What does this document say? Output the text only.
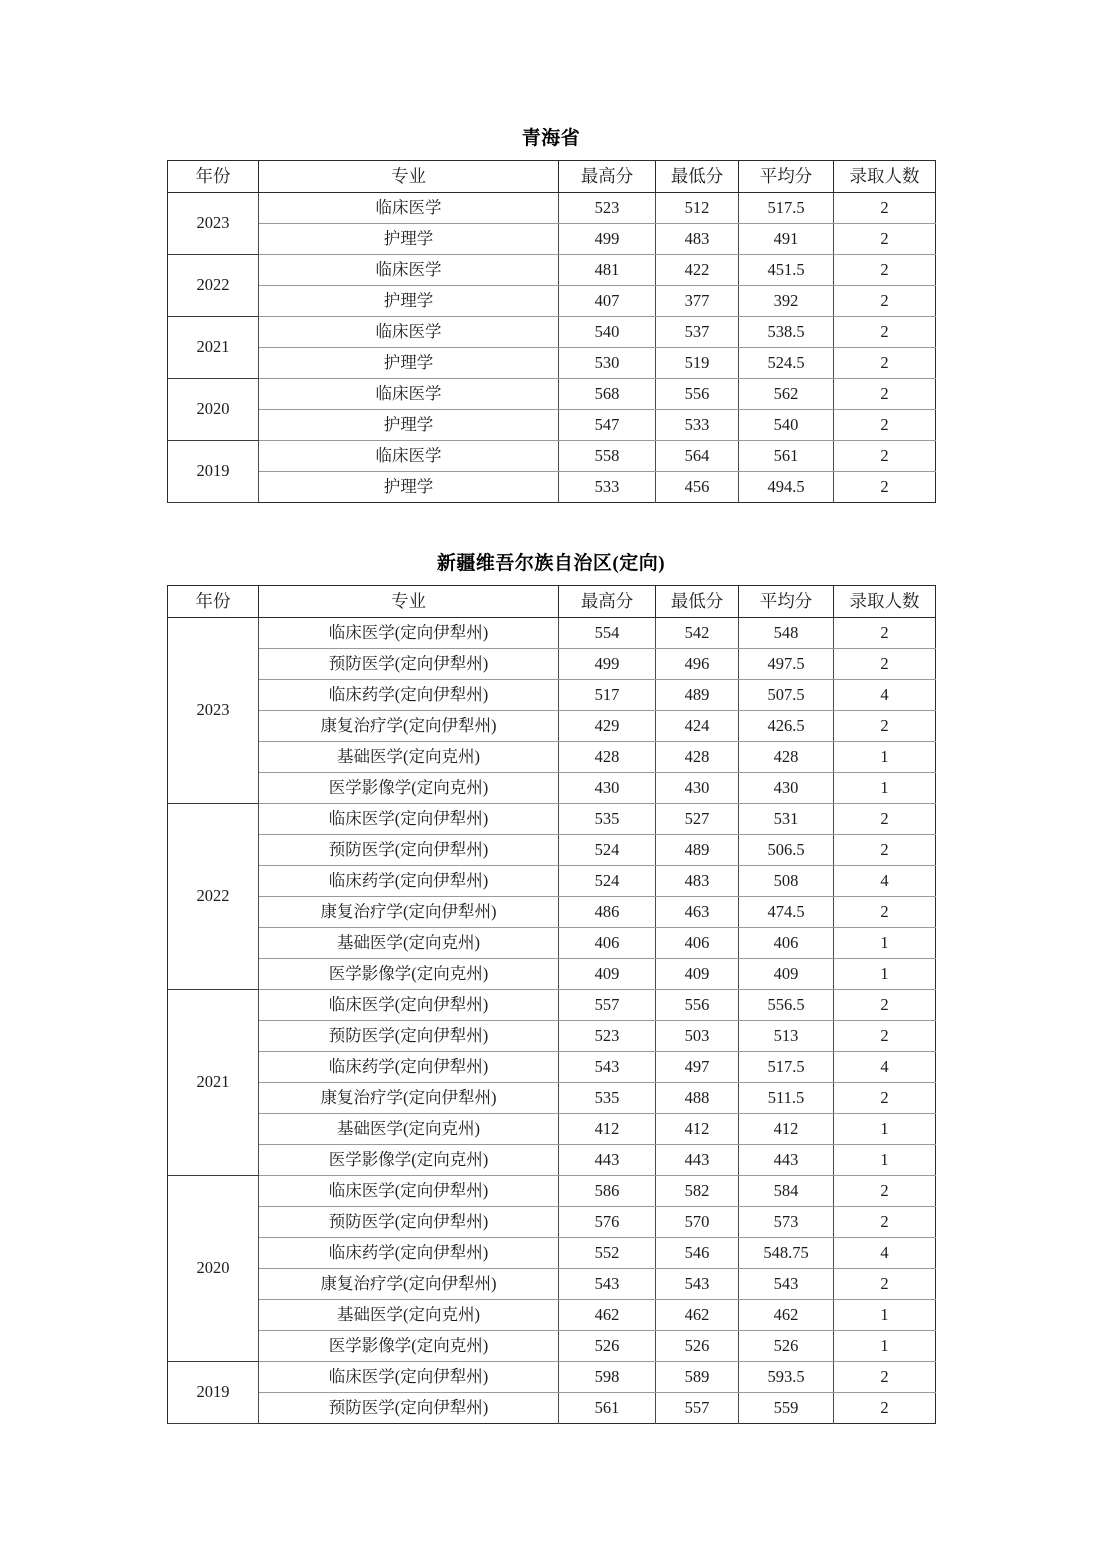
青海省
年份	专业	最高分	最低分	平均分	录取人数
2023	临床医学	523	512	517.5	2
	护理学	499	483	491	2
2022	临床医学	481	422	451.5	2
	护理学	407	377	392	2
2021	临床医学	540	537	538.5	2
	护理学	530	519	524.5	2
2020	临床医学	568	556	562	2
	护理学	547	533	540	2
2019	临床医学	558	564	561	2
	护理学	533	456	494.5	2
新疆维吾尔族自治区(定向)
年份	专业	最高分	最低分	平均分	录取人数
2023	临床医学(定向伊犁州)	554	542	548	2
	预防医学(定向伊犁州)	499	496	497.5	2
	临床药学(定向伊犁州)	517	489	507.5	4
	康复治疗学(定向伊犁州)	429	424	426.5	2
	基础医学(定向克州)	428	428	428	1
	医学影像学(定向克州)	430	430	430	1
2022	临床医学(定向伊犁州)	535	527	531	2
	预防医学(定向伊犁州)	524	489	506.5	2
	临床药学(定向伊犁州)	524	483	508	4
	康复治疗学(定向伊犁州)	486	463	474.5	2
	基础医学(定向克州)	406	406	406	1
	医学影像学(定向克州)	409	409	409	1
2021	临床医学(定向伊犁州)	557	556	556.5	2
	预防医学(定向伊犁州)	523	503	513	2
	临床药学(定向伊犁州)	543	497	517.5	4
	康复治疗学(定向伊犁州)	535	488	511.5	2
	基础医学(定向克州)	412	412	412	1
	医学影像学(定向克州)	443	443	443	1
2020	临床医学(定向伊犁州)	586	582	584	2
	预防医学(定向伊犁州)	576	570	573	2
	临床药学(定向伊犁州)	552	546	548.75	4
	康复治疗学(定向伊犁州)	543	543	543	2
	基础医学(定向克州)	462	462	462	1
	医学影像学(定向克州)	526	526	526	1
2019	临床医学(定向伊犁州)	598	589	593.5	2
	预防医学(定向伊犁州)	561	557	559	2
